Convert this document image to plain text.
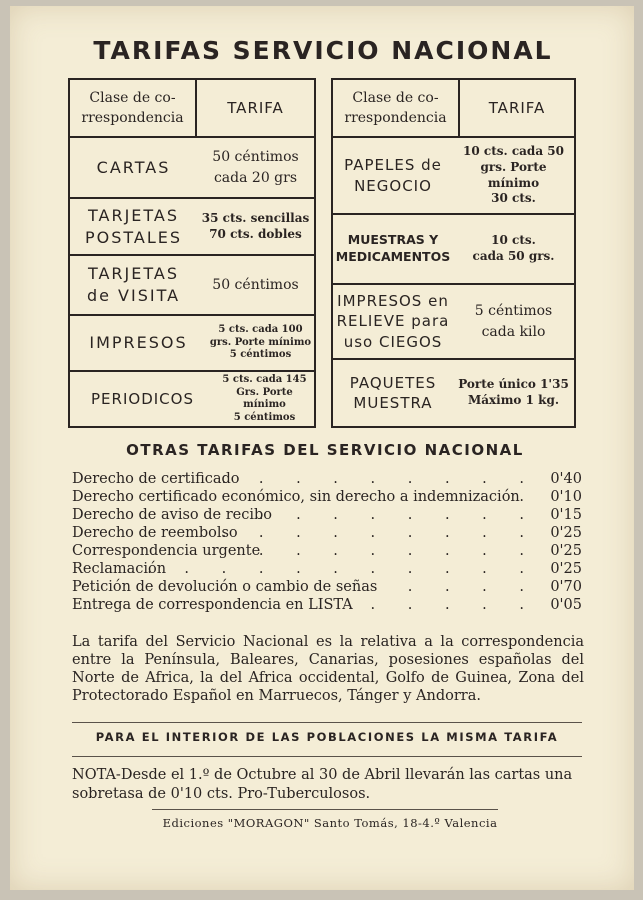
TARIFAS SERVICIO NACIONAL
Clase de co-
rrespondencia
TARIFA
CARTAS
50 céntimos
cada 20 grs
TARJETAS
POSTALES
35 cts. sencillas
70 cts. dobles
TARJETAS
de VISITA
50 céntimos
IMPRESOS
5 cts. cada 100
grs. Porte mínimo
5 céntimos
PERIODICOS
5 cts. cada 145
Grs. Porte mínimo
5 céntimos
Clase de co-
rrespondencia
TARIFA
PAPELES de
NEGOCIO
10 cts. cada 50
grs. Porte mínimo
30 cts.
MUESTRAS Y
MEDICAMENTOS
10 cts.
cada 50 grs.
IMPRESOS en
RELIEVE para
uso CIEGOS
5 céntimos
cada kilo
PAQUETES
MUESTRA
Porte único 1'35
Máximo 1 kg.
OTRAS TARIFAS DEL SERVICIO NACIONAL
Derecho de certificado
. . . . . . . . . 0'40
Derecho certificado económico, sin derecho a indemnización . 0'10
Derecho de aviso de recibo
. . . . . . . . 0'15
Derecho de reembolso
. . . . . . . . . 0'25
Correspondencia urgente
. . . . . . . . 0'25
Reclamación
. . . . . . . . . . . 0'25
Petición de devolución o cambio de señas	. . . . 0'70
Entrega de correspondencia en LISTA	. . . . . 0'05
La tarifa del Servicio Nacional es la relativa a la correspondencia entre la Península, Baleares, Canarias, posesiones españolas del Norte de Africa, la del Africa occidental, Golfo de Guinea, Zona del Protectorado Español en Marruecos, Tánger y Andorra.
PARA EL INTERIOR DE LAS POBLACIONES LA MISMA TARIFA
NOTA-Desde el 1.º de Octubre al 30 de Abril llevarán las cartas una sobretasa de 0'10 cts. Pro-Tuberculosos.
Ediciones "MORAGON" Santo Tomás, 18-4.º Valencia
